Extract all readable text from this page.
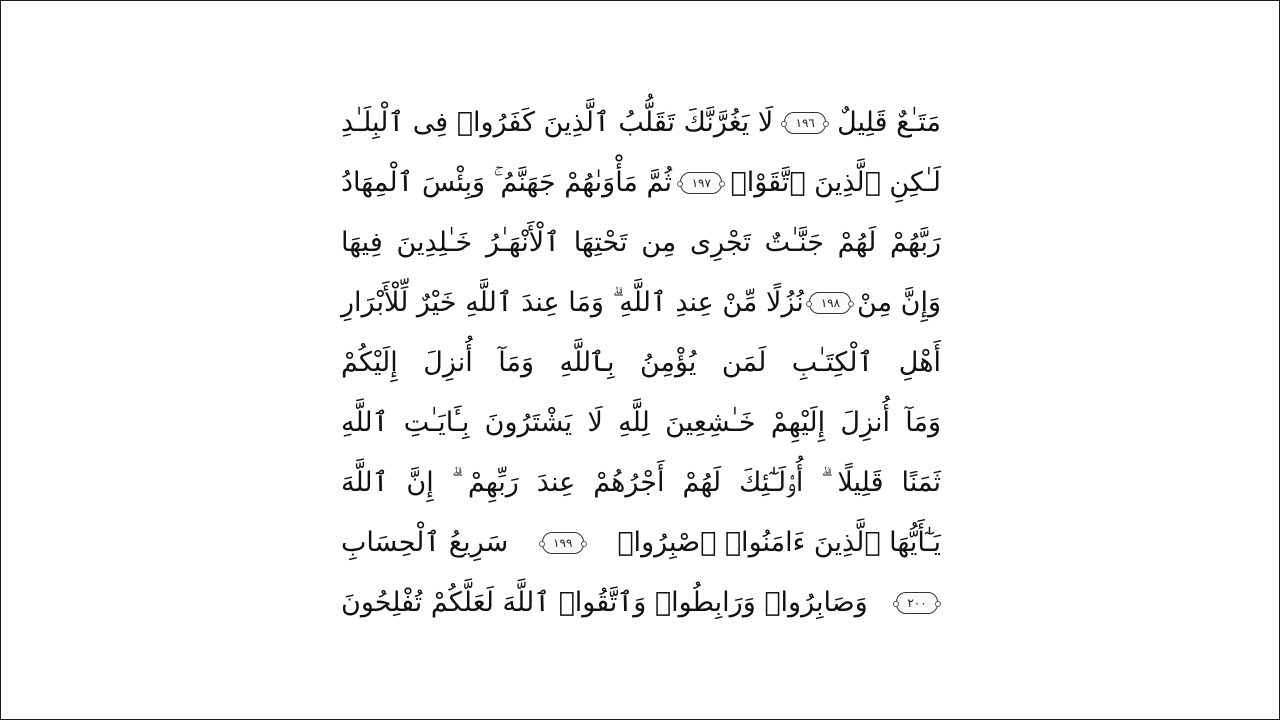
لَا يَغُرَّنَّكَ تَقَلُّبُ ٱلَّذِينَ كَفَرُوا۟ فِى ٱلْبِلَـٰدِ	١٩٦ مَتَـٰعٌ قَلِيلٌ
ثُمَّ مَأْوَىٰهُمْ جَهَنَّمُ ۚ وَبِئْسَ ٱلْمِهَادُ	١٩٧ لَـٰكِنِ ٱلَّذِينَ ٱتَّقَوْا۟
رَبَّهُمْ لَهُمْ جَنَّـٰتٌ تَجْرِى مِن تَحْتِهَا ٱلْأَنْهَـٰرُ خَـٰلِدِينَ فِيهَا
نُزُلًا مِّنْ عِندِ ٱللَّهِ ۗ وَمَا عِندَ ٱللَّهِ خَيْرٌ لِّلْأَبْرَارِ	١٩٨ وَإِنَّ مِنْ
أَهْلِ ٱلْكِتَـٰبِ لَمَن يُؤْمِنُ بِٱللَّهِ وَمَآ أُنزِلَ إِلَيْكُمْ
وَمَآ أُنزِلَ إِلَيْهِمْ خَـٰشِعِينَ لِلَّهِ لَا يَشْتَرُونَ بِـَٔايَـٰتِ ٱللَّهِ
ثَمَنًا قَلِيلًا ۗ أُو۟لَـٰٓئِكَ لَهُمْ أَجْرُهُمْ عِندَ رَبِّهِمْ ۗ إِنَّ ٱللَّهَ
سَرِيعُ ٱلْحِسَابِ	١٩٩	يَـٰٓأَيُّهَا ٱلَّذِينَ ءَامَنُوا۟ ٱصْبِرُوا۟
وَصَابِرُوا۟ وَرَابِطُوا۟ وَٱتَّقُوا۟ ٱللَّهَ لَعَلَّكُمْ تُفْلِحُونَ	٢٠٠
